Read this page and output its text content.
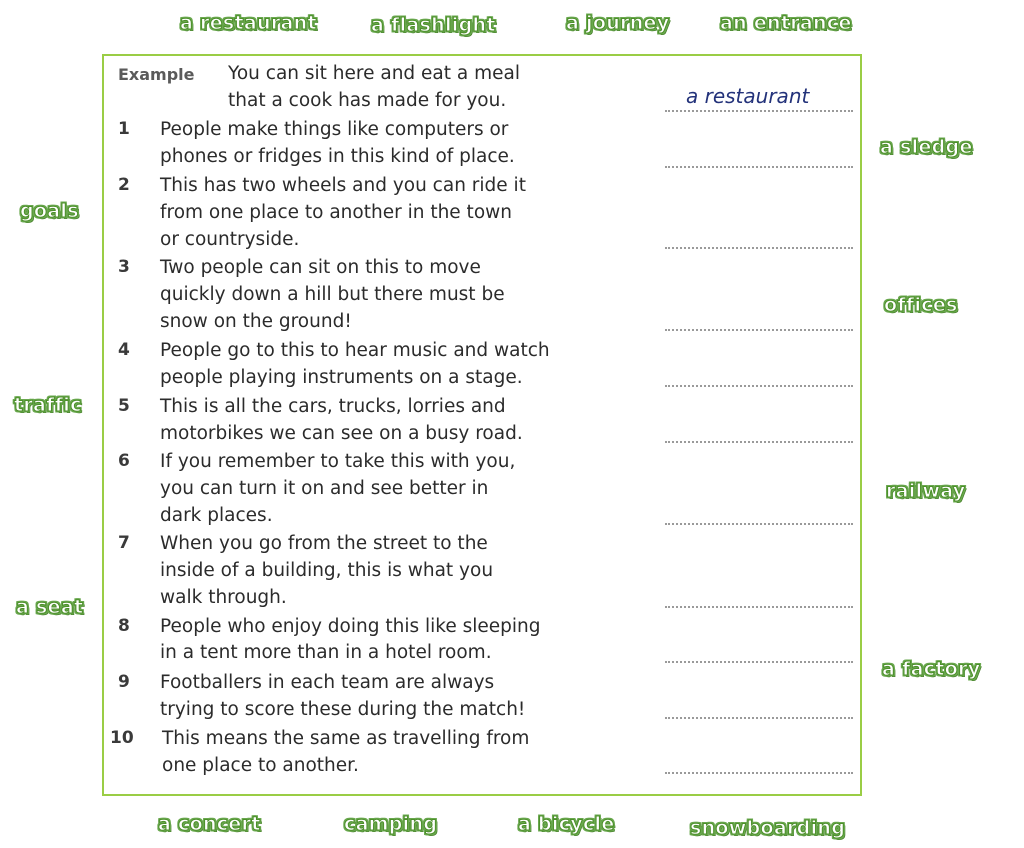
a restaurant	a flashlight	a journey	an entrance
goals
traffic
a seat
a sledge
offices
railway
a factory
a concert	camping	a bicycle	snowboarding
Example You can sit here and eat a meal
that a cook has made for you.	a restaurant
1 People make things like computers or
phones or fridges in this kind of place.
2 This has two wheels and you can ride it
from one place to another in the town
or countryside.
3 Two people can sit on this to move
quickly down a hill but there must be
snow on the ground!
4 People go to this to hear music and watch
people playing instruments on a stage.
5 This is all the cars, trucks, lorries and
motorbikes we can see on a busy road.
6 If you remember to take this with you,
you can turn it on and see better in
dark places.
7 When you go from the street to the
inside of a building, this is what you
walk through.
8 People who enjoy doing this like sleeping
in a tent more than in a hotel room.
9 Footballers in each team are always
trying to score these during the match!
10 This means the same as travelling from
one place to another.
